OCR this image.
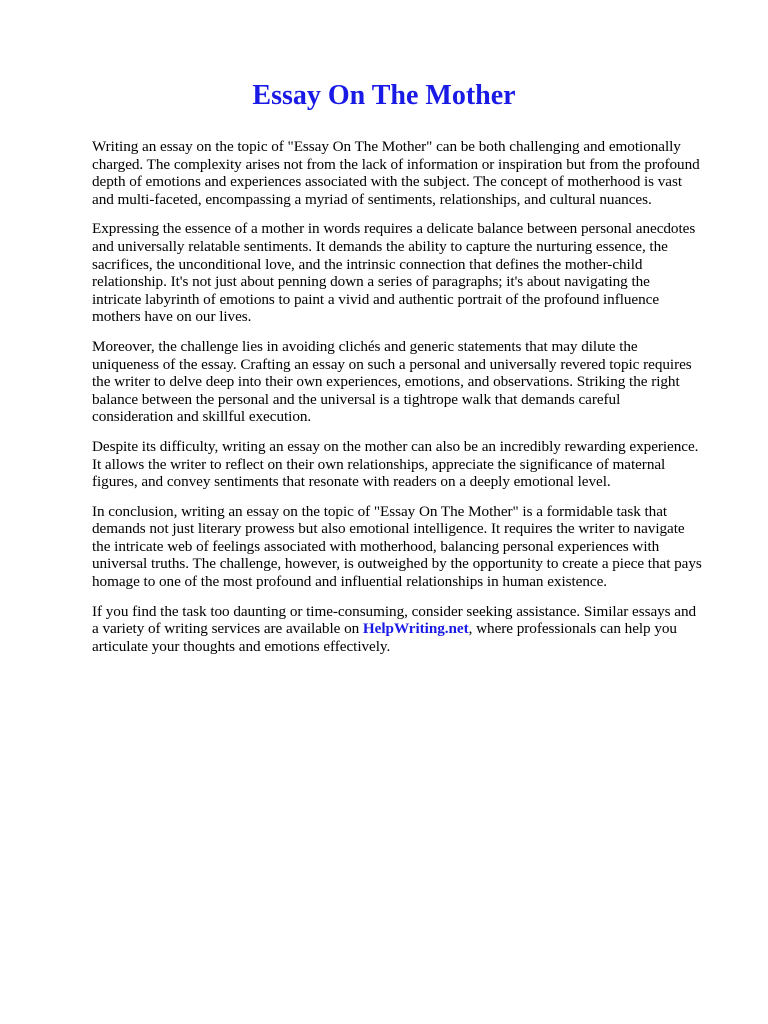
Essay On The Mother

Writing an essay on the topic of "Essay On The Mother" can be both challenging and emotionally
charged. The complexity arises not from the lack of information or inspiration but from the profound
depth of emotions and experiences associated with the subject. The concept of motherhood is vast
and multi-faceted, encompassing a myriad of sentiments, relationships, and cultural nuances.

Expressing the essence of a mother in words requires a delicate balance between personal anecdotes
and universally relatable sentiments. It demands the ability to capture the nurturing essence, the
sacrifices, the unconditional love, and the intrinsic connection that defines the mother-child
relationship. It's not just about penning down a series of paragraphs; it's about navigating the
intricate labyrinth of emotions to paint a vivid and authentic portrait of the profound influence
mothers have on our lives.

Moreover, the challenge lies in avoiding clichés and generic statements that may dilute the
uniqueness of the essay. Crafting an essay on such a personal and universally revered topic requires
the writer to delve deep into their own experiences, emotions, and observations. Striking the right
balance between the personal and the universal is a tightrope walk that demands careful
consideration and skillful execution.

Despite its difficulty, writing an essay on the mother can also be an incredibly rewarding experience.
It allows the writer to reflect on their own relationships, appreciate the significance of maternal
figures, and convey sentiments that resonate with readers on a deeply emotional level.

In conclusion, writing an essay on the topic of "Essay On The Mother" is a formidable task that
demands not just literary prowess but also emotional intelligence. It requires the writer to navigate
the intricate web of feelings associated with motherhood, balancing personal experiences with
universal truths. The challenge, however, is outweighed by the opportunity to create a piece that pays
homage to one of the most profound and influential relationships in human existence.

If you find the task too daunting or time-consuming, consider seeking assistance. Similar essays and
a variety of writing services are available on HelpWriting.net, where professionals can help you
articulate your thoughts and emotions effectively.
